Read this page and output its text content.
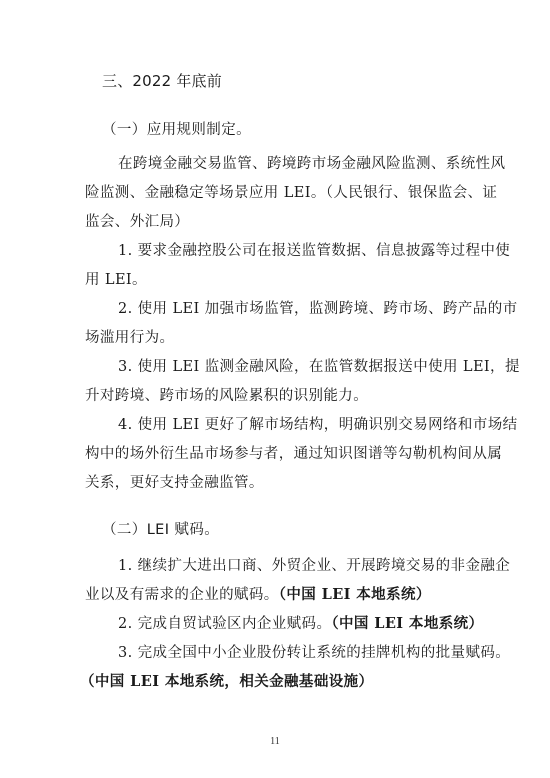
三、2022 年底前
（一）应用规则制定。
在跨境金融交易监管、跨境跨市场金融风险监测、系统性风
险监测、金融稳定等场景应用 LEI。（人民银行、银保监会、证
监会、外汇局）
1. 要求金融控股公司在报送监管数据、信息披露等过程中使
用 LEI。
2. 使用 LEI 加强市场监管，监测跨境、跨市场、跨产品的市
场滥用行为。
3. 使用 LEI 监测金融风险，在监管数据报送中使用 LEI，提
升对跨境、跨市场的风险累积的识别能力。
4. 使用 LEI 更好了解市场结构，明确识别交易网络和市场结
构中的场外衍生品市场参与者，通过知识图谱等勾勒机构间从属
关系，更好支持金融监管。
（二）LEI 赋码。
1. 继续扩大进出口商、外贸企业、开展跨境交易的非金融企
业以及有需求的企业的赋码。（中国 LEI 本地系统）
2. 完成自贸试验区内企业赋码。（中国 LEI 本地系统）
3. 完成全国中小企业股份转让系统的挂牌机构的批量赋码。
（中国 LEI 本地系统，相关金融基础设施）
11
